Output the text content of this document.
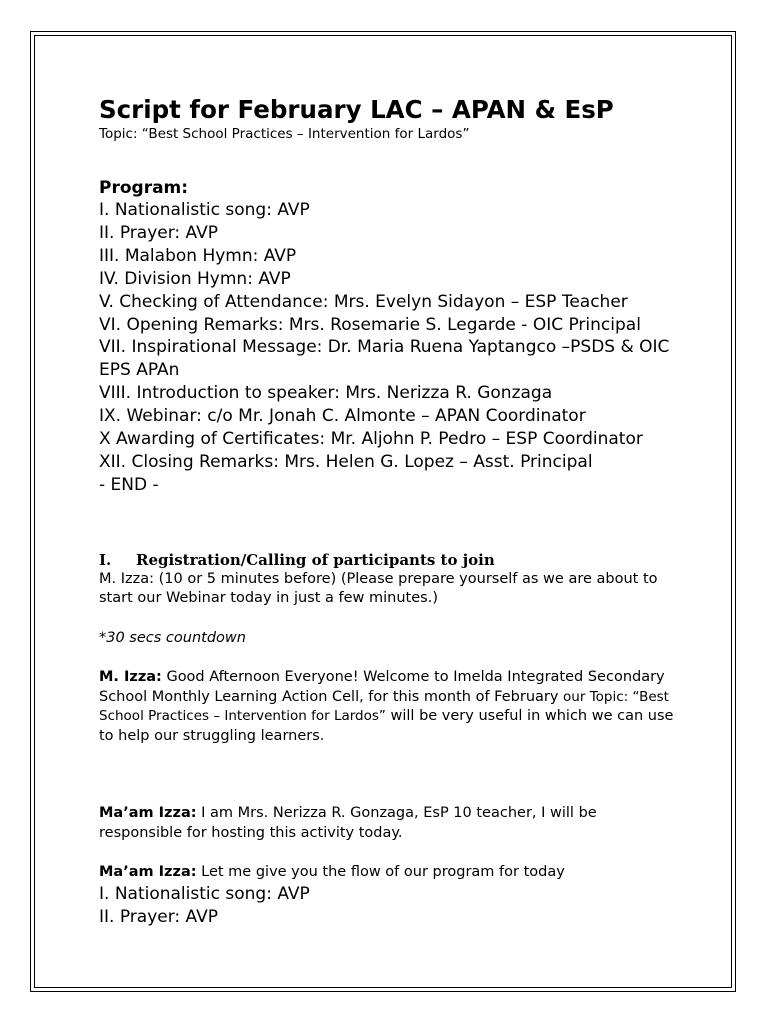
Script for February LAC – APAN & EsP

Topic: “Best School Practices – Intervention for Lardos”

Program:

I. Nationalistic song: AVP
II. Prayer: AVP
III. Malabon Hymn: AVP
IV. Division Hymn: AVP
V. Checking of Attendance: Mrs. Evelyn Sidayon – ESP Teacher
VI. Opening Remarks: Mrs. Rosemarie S. Legarde - OIC Principal
VII. Inspirational Message: Dr. Maria Ruena Yaptangco –PSDS & OIC EPS APAn
VIII. Introduction to speaker: Mrs. Nerizza R. Gonzaga
IX. Webinar: c/o Mr. Jonah C. Almonte – APAN Coordinator
X Awarding of Certificates: Mr. Aljohn P. Pedro – ESP Coordinator
XII. Closing Remarks: Mrs. Helen G. Lopez – Asst. Principal
- END -

I. Registration/Calling of participants to join

M. Izza: (10 or 5 minutes before) (Please prepare yourself as we are about to start our Webinar today in just a few minutes.)

*30 secs countdown

M. Izza: Good Afternoon Everyone! Welcome to Imelda Integrated Secondary School Monthly Learning Action Cell, for this month of February our Topic: “Best School Practices – Intervention for Lardos” will be very useful in which we can use to help our struggling learners.

Ma’am Izza: I am Mrs. Nerizza R. Gonzaga, EsP 10 teacher, I will be responsible for hosting this activity today.

Ma’am Izza: Let me give you the flow of our program for today

I. Nationalistic song: AVP
II. Prayer: AVP
